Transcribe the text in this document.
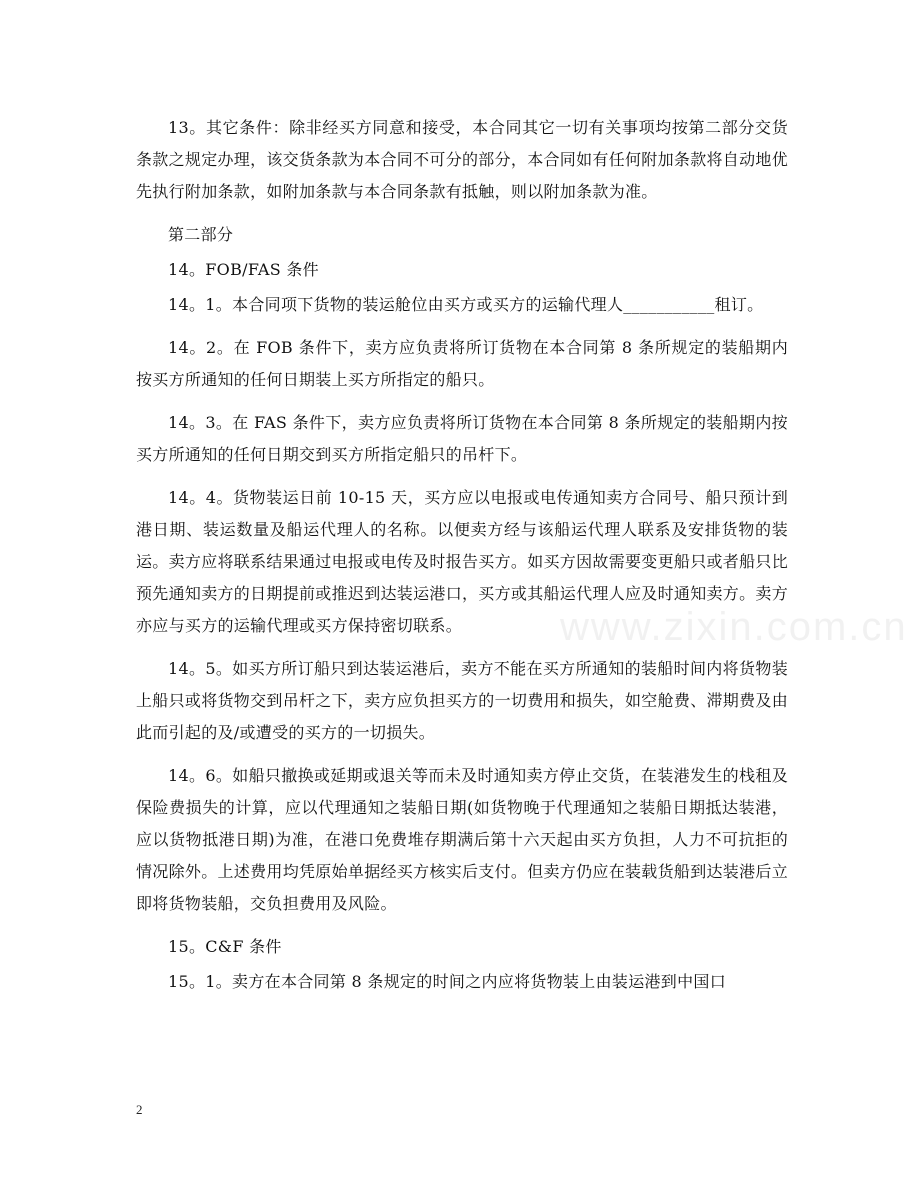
13。其它条件：除非经买方同意和接受，本合同其它一切有关事项均按第二部分交货条款之规定办理，该交货条款为本合同不可分的部分，本合同如有任何附加条款将自动地优先执行附加条款，如附加条款与本合同条款有抵触，则以附加条款为准。

第二部分

14。FOB/FAS 条件

14。1。本合同项下货物的装运舱位由买方或买方的运输代理人___________租订。

14。2。在 FOB 条件下，卖方应负责将所订货物在本合同第 8 条所规定的装船期内按买方所通知的任何日期装上买方所指定的船只。

14。3。在 FAS 条件下，卖方应负责将所订货物在本合同第 8 条所规定的装船期内按买方所通知的任何日期交到买方所指定船只的吊杆下。

14。4。货物装运日前 10-15 天，买方应以电报或电传通知卖方合同号、船只预计到港日期、装运数量及船运代理人的名称。以便卖方经与该船运代理人联系及安排货物的装运。卖方应将联系结果通过电报或电传及时报告买方。如买方因故需要变更船只或者船只比预先通知卖方的日期提前或推迟到达装运港口，买方或其船运代理人应及时通知卖方。卖方亦应与买方的运输代理或买方保持密切联系。

14。5。如买方所订船只到达装运港后，卖方不能在买方所通知的装船时间内将货物装上船只或将货物交到吊杆之下，卖方应负担买方的一切费用和损失，如空舱费、滞期费及由此而引起的及/或遭受的买方的一切损失。

14。6。如船只撤换或延期或退关等而未及时通知卖方停止交货，在装港发生的栈租及保险费损失的计算，应以代理通知之装船日期(如货物晚于代理通知之装船日期抵达装港，应以货物抵港日期)为准，在港口免费堆存期满后第十六天起由买方负担，人力不可抗拒的情况除外。上述费用均凭原始单据经买方核实后支付。但卖方仍应在装载货船到达装港后立即将货物装船，交负担费用及风险。

15。C&F 条件

15。1。卖方在本合同第 8 条规定的时间之内应将货物装上由装运港到中国口

www.zixin.com.cn
2
